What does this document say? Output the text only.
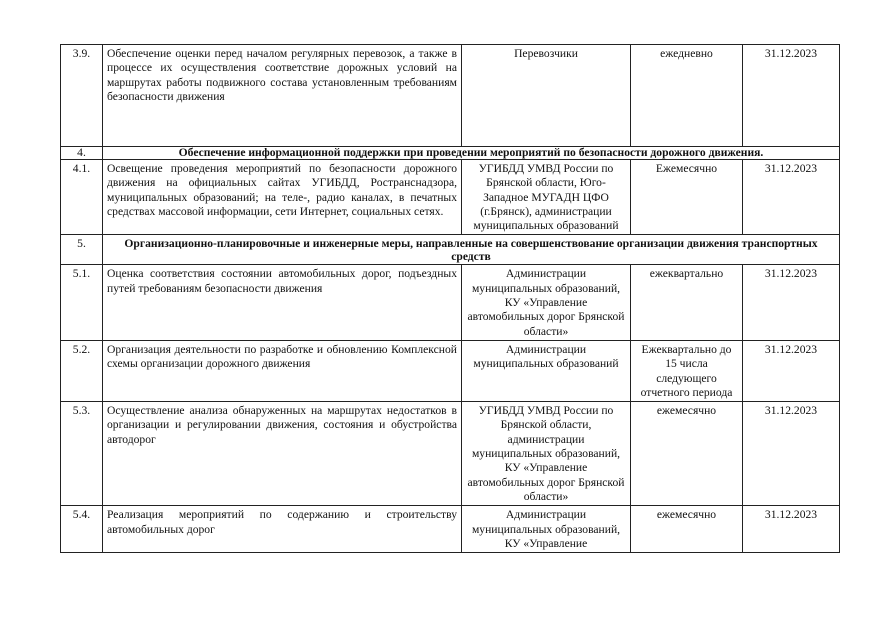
3.9.	Обеспечение оценки перед началом регулярных перевозок, а также в процессе их осуществления соответствие дорожных условий на маршрутах работы подвижного состава установленным требованиям безопасности движения	Перевозчики	ежедневно	31.12.2023
4.	Обеспечение информационной поддержки при проведении мероприятий по безопасности дорожного движения.			
4.1.	Освещение проведения мероприятий по безопасности дорожного движения на официальных сайтах УГИБДД, Ространснадзора, муниципальных образований; на теле-, радио каналах, в печатных средствах массовой информации, сети Интернет, социальных сетях.	УГИБДД УМВД России по Брянской области, Юго-Западное МУГАДН ЦФО (г.Брянск), администрации муниципальных образований	Ежемесячно	31.12.2023
5.	Организационно-планировочные и инженерные меры, направленные на совершенствование организации движения транспортных средств			
5.1.	Оценка соответствия состоянии автомобильных дорог, подъездных путей требованиям безопасности движения	Администрации муниципальных образований, КУ «Управление автомобильных дорог Брянской области»	ежеквартально	31.12.2023
5.2.	Организация деятельности по разработке и обновлению Комплексной схемы организации дорожного движения	Администрации муниципальных образований	Ежеквартально до 15 числа следующего отчетного периода	31.12.2023
5.3.	Осуществление анализа обнаруженных на маршрутах недостатков в организации и регулировании движения, состояния и обустройства автодорог	УГИБДД УМВД России по Брянской области, администрации муниципальных образований, КУ «Управление автомобильных дорог Брянской области»	ежемесячно	31.12.2023
5.4.	Реализация мероприятий по содержанию и строительству автомобильных дорог	Администрации муниципальных образований, КУ «Управление	ежемесячно	31.12.2023
